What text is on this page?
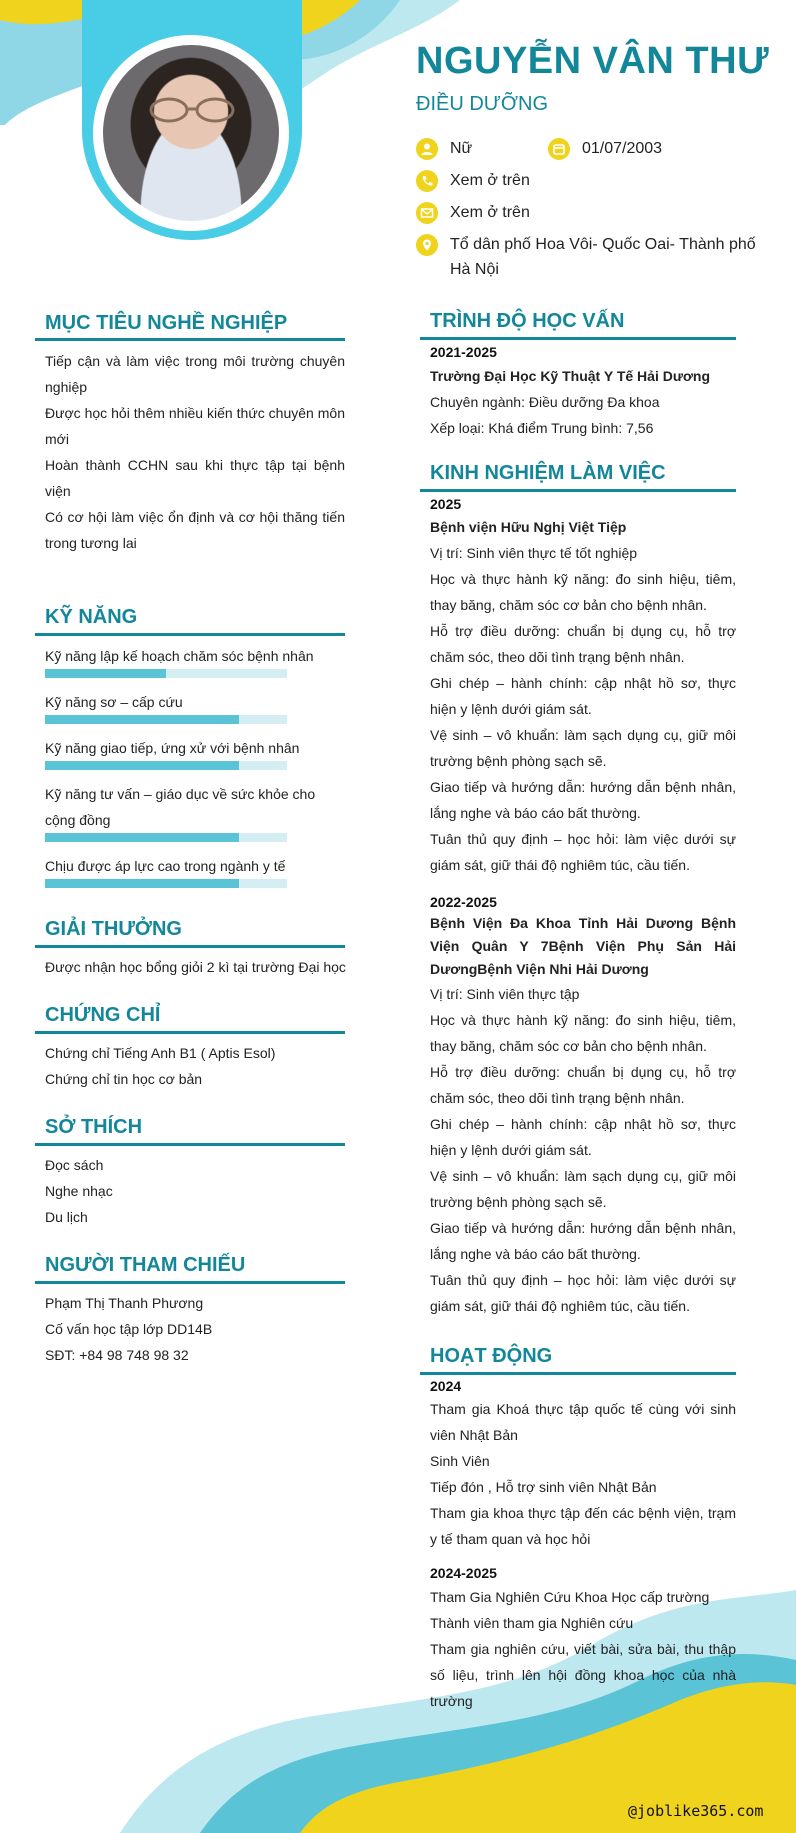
NGUYỄN VÂN THƯ
ĐIỀU DƯỠNG
Nữ	01/07/2003
Xem ở trên
Xem ở trên
Tổ dân phố Hoa Vôi- Quốc Oai- Thành phố Hà Nội
MỤC TIÊU NGHỀ NGHIỆP
Tiếp cận và làm việc trong môi trường chuyên nghiệp
Được học hỏi thêm nhiều kiến thức chuyên môn mới
Hoàn thành CCHN sau khi thực tập tại bệnh viện
Có cơ hội làm việc ổn định và cơ hội thăng tiến trong tương lai
KỸ NĂNG
Kỹ năng lập kế hoạch chăm sóc bệnh nhân
Kỹ năng sơ – cấp cứu
Kỹ năng giao tiếp, ứng xử với bệnh nhân
Kỹ năng tư vấn – giáo dục về sức khỏe cho cộng đồng
Chịu được áp lực cao trong ngành y tế
GIẢI THƯỞNG
Được nhận học bổng giỏi 2 kì tại trường Đại học
CHỨNG CHỈ
Chứng chỉ Tiếng Anh B1 ( Aptis Esol)
Chứng chỉ tin học cơ bản
SỞ THÍCH
Đọc sách
Nghe nhạc
Du lịch
NGƯỜI THAM CHIẾU
Phạm Thị Thanh Phương
Cố vấn học tập lớp DD14B
SĐT: +84 98 748 98 32
TRÌNH ĐỘ HỌC VẤN
2021-2025
Trường Đại Học Kỹ Thuật Y Tế Hải Dương
Chuyên ngành: Điều dưỡng Đa khoa
Xếp loại: Khá điểm Trung bình: 7,56
KINH NGHIỆM LÀM VIỆC
2025
Bệnh viện Hữu Nghị Việt Tiệp
Vị trí: Sinh viên thực tế tốt nghiệp
Học và thực hành kỹ năng: đo sinh hiệu, tiêm, thay băng, chăm sóc cơ bản cho bệnh nhân.
Hỗ trợ điều dưỡng: chuẩn bị dụng cụ, hỗ trợ chăm sóc, theo dõi tình trạng bệnh nhân.
Ghi chép – hành chính: cập nhật hồ sơ, thực hiện y lệnh dưới giám sát.
Vệ sinh – vô khuẩn: làm sạch dụng cụ, giữ môi trường bệnh phòng sạch sẽ.
Giao tiếp và hướng dẫn: hướng dẫn bệnh nhân, lắng nghe và báo cáo bất thường.
Tuân thủ quy định – học hỏi: làm việc dưới sự giám sát, giữ thái độ nghiêm túc, cầu tiến.
2022-2025
Bệnh Viện Đa Khoa Tỉnh Hải Dương Bệnh Viện Quân Y 7Bệnh Viện Phụ Sản Hải DươngBệnh Viện Nhi Hải Dương
Vị trí: Sinh viên thực tập
Học và thực hành kỹ năng: đo sinh hiệu, tiêm, thay băng, chăm sóc cơ bản cho bệnh nhân.
Hỗ trợ điều dưỡng: chuẩn bị dụng cụ, hỗ trợ chăm sóc, theo dõi tình trạng bệnh nhân.
Ghi chép – hành chính: cập nhật hồ sơ, thực hiện y lệnh dưới giám sát.
Vệ sinh – vô khuẩn: làm sạch dụng cụ, giữ môi trường bệnh phòng sạch sẽ.
Giao tiếp và hướng dẫn: hướng dẫn bệnh nhân, lắng nghe và báo cáo bất thường.
Tuân thủ quy định – học hỏi: làm việc dưới sự giám sát, giữ thái độ nghiêm túc, cầu tiến.
HOẠT ĐỘNG
2024
Tham gia Khoá thực tập quốc tế cùng với sinh viên Nhật Bản
Sinh Viên
Tiếp đón , Hỗ trợ sinh viên Nhật Bản
Tham gia khoa thực tập đến các bệnh viện, trạm y tế tham quan và học hỏi
2024-2025
Tham Gia Nghiên Cứu Khoa Học cấp trường
Thành viên tham gia Nghiên cứu
Tham gia nghiên cứu, viết bài, sửa bài, thu thập số liệu, trình lên hội đồng khoa học của nhà trường
@joblike365.com
